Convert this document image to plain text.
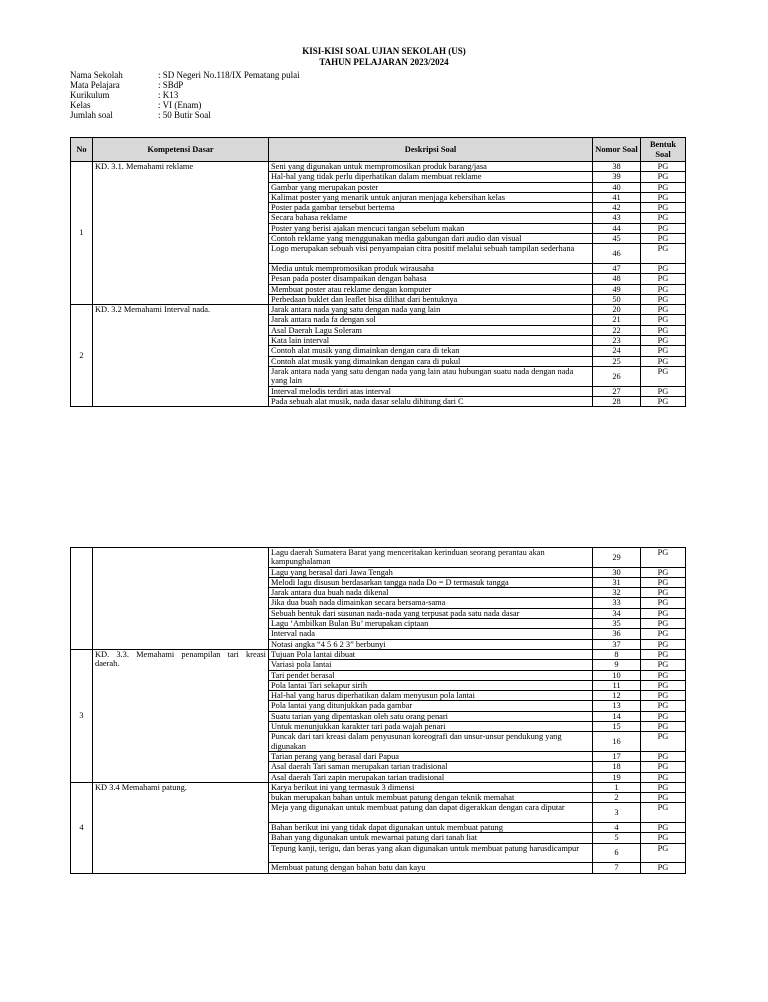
KISI-KISI SOAL UJIAN SEKOLAH (US)
TAHUN PELAJARAN 2023/2024
Nama Sekolah	: SD Negeri No.118/IX Pematang pulai
Mata Pelajara	: SBdP
Kurikulum	: K13
Kelas	: VI (Enam)
Jumlah soal	: 50 Butir Soal
No	Kompetensi Dasar	Deskripsi Soal	Nomor Soal	Bentuk Soal
1	KD. 3.1. Memahami reklame	Seni yang digunakan untuk mempromosikan produk barang/jasa	38	PG
		Hal-hal yang tidak perlu diperhatikan dalam membuat reklame	39	PG
		Gambar yang merupakan poster	40	PG
		Kalimat poster yang menarik untuk anjuran menjaga kebersihan kelas	41	PG
		Poster pada gambar tersebut bertema	42	PG
		Secara bahasa reklame	43	PG
		Poster yang berisi ajakan mencuci tangan sebelum makan	44	PG
		Contoh reklame yang menggunakan media gabungan dari audio dan visual	45	PG
		Logo merupakan sebuah visi penyampaian citra positif melalui sebuah tampilan sederhana	46	PG
		Media untuk mempromosikan produk wirausaha	47	PG
		Pesan pada poster disampaikan dengan bahasa	48	PG
		Membuat poster atau reklame dengan komputer	49	PG
		Perbedaan buklet dan leaflet bisa dilihat dari bentuknya	50	PG
2	KD. 3.2 Memahami Interval nada.	Jarak antara nada yang satu dengan nada yang lain	20	PG
		Jarak antara nada fa dengan sol	21	PG
		Asal Daerah Lagu Soleram	22	PG
		Kata lain interval	23	PG
		Contoh alat musik yang dimainkan dengan cara di tekan	24	PG
		Contoh alat musik yang dimainkan dengan cara di pukul	25	PG
		Jarak antara nada yang satu dengan nada yang lain atau hubungan suatu nada dengan nada yang lain	26	PG
		Interval melodis terdiri atas interval	27	PG
		Pada sebuah alat musik, nada dasar selalu dihitung dari C	28	PG
		Lagu daerah Sumatera Barat yang menceritakan kerinduan seorang perantau akan kampunghalaman	29	PG
		Lagu yang berasal dari Jawa Tengah	30	PG
		Melodi lagu disusun berdasarkan tangga nada Do = D termasuk tangga	31	PG
		Jarak antara dua buah nada dikenal	32	PG
		Jika dua buah nada dimainkan secara bersama-sama	33	PG
		Sebuah bentuk dari susunan nada-nada yang terpusat pada satu nada dasar	34	PG
		Lagu ‘Ambilkan Bulan Bu’ merupakan ciptaan	35	PG
		Interval nada	36	PG
		Notasi angka “4 5 6 2 3” berbunyi	37	PG
3	KD. 3.3. Memahami penampilan tari kreasi daerah.	Tujuan Pola lantai dibuat	8	PG
		Variasi pola lantai	9	PG
		Tari pendet berasal	10	PG
		Pola lantai Tari sekapur sirih	11	PG
		Hal-hal yang harus diperhatikan dalam menyusun pola lantai	12	PG
		Pola lantai yang ditunjukkan pada gambar	13	PG
		Suatu tarian yang dipentaskan oleh satu orang penari	14	PG
		Untuk menunjukkan karakter tari pada wajah penari	15	PG
		Puncak dari tari kreasi dalam penyusunan koreografi dan unsur-unsur pendukung yang digunakan	16	PG
		Tarian perang yang berasal dari Papua	17	PG
		Asal daerah Tari saman merupakan tarian tradisional	18	PG
		Asal daerah Tari zapin merupakan tarian tradisional	19	PG
4	KD 3.4 Memahami patung.	Karya berikut ini yang termasuk 3 dimensi	1	PG
		bukan merupakan bahan untuk membuat patung dengan teknik memahat	2	PG
		Meja yang digunakan untuk membuat patung dan dapat digerakkan dengan cara diputar	3	PG
		Bahan berikut ini yang tidak dapat digunakan untuk membuat patung	4	PG
		Bahan yang digunakan untuk mewarnai patung dari tanah liat	5	PG
		Tepung kanji, terigu, dan beras yang akan digunakan untuk membuat patung harusdicampur	6	PG
		Membuat patung dengan bahan batu dan kayu	7	PG
